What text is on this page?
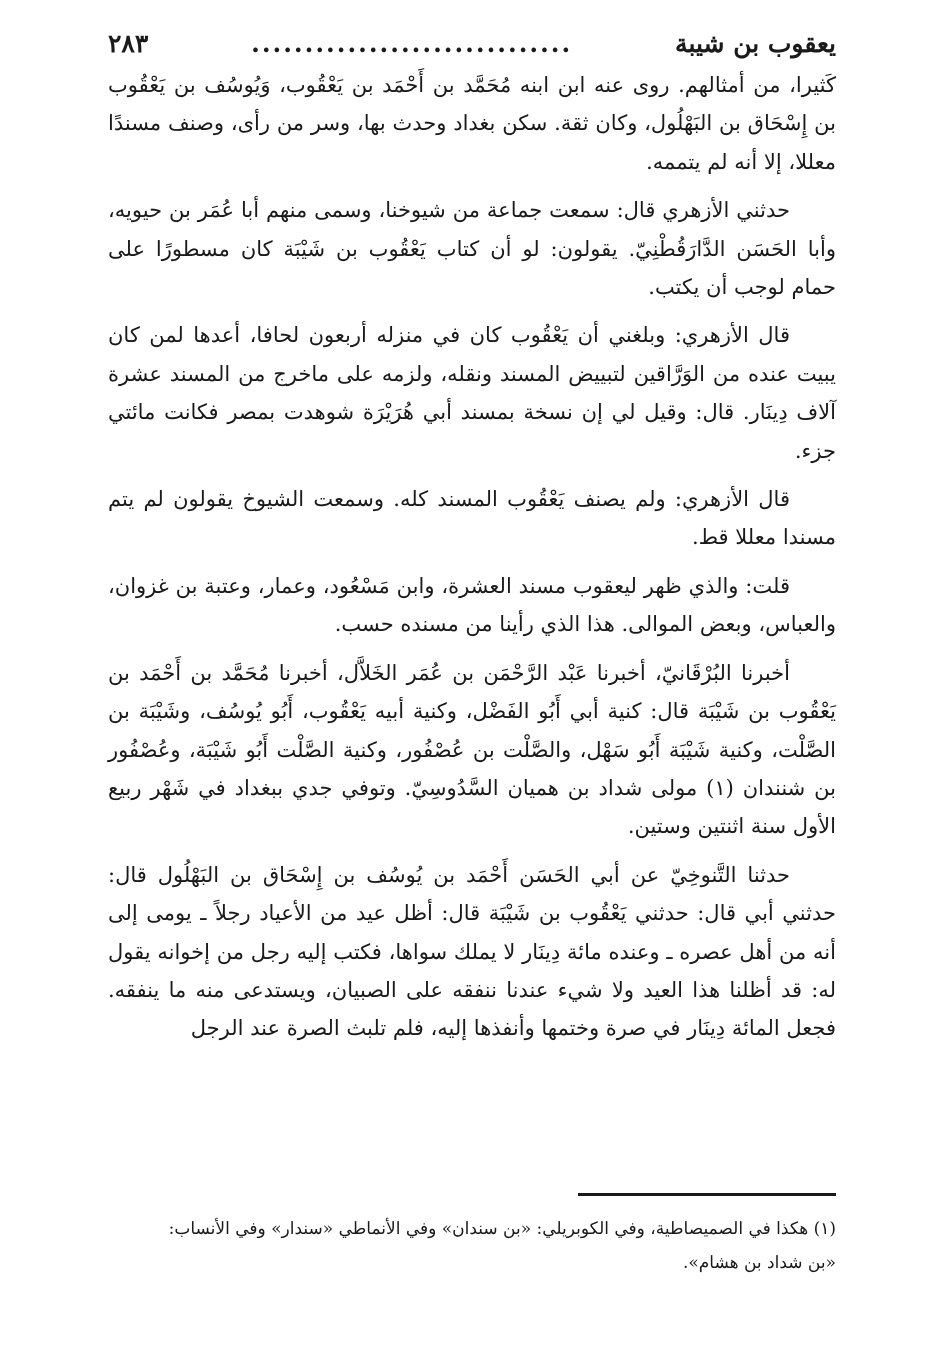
يعقوب بن شيبة
..............................
٢٨٣

كَثيرا، من أمثالهم. روى عنه ابن ابنه مُحَمَّد بن أَحْمَد بن يَعْقُوب، وَيُوسُف بن يَعْقُوب بن إِسْحَاق بن البَهْلُول، وكان ثقة. سكن بغداد وحدث بها، وسر من رأى، وصنف مسندًا معللا، إلا أنه لم يتممه.

حدثني الأزهري قال: سمعت جماعة من شيوخنا، وسمى منهم أبا عُمَر بن حيويه، وأبا الحَسَن الدَّارَقُطْنِيّ. يقولون: لو أن كتاب يَعْقُوب بن شَيْبَة كان مسطورًا على حمام لوجب أن يكتب.

قال الأزهري: وبلغني أن يَعْقُوب كان في منزله أربعون لحافا، أعدها لمن كان يبيت عنده من الوَرَّاقين لتبييض المسند ونقله، ولزمه على ماخرج من المسند عشرة آلاف دِينَار. قال: وقيل لي إن نسخة بمسند أبي هُرَيْرَة شوهدت بمصر فكانت مائتي جزء.

قال الأزهري: ولم يصنف يَعْقُوب المسند كله. وسمعت الشيوخ يقولون لم يتم مسندا معللا قط.

قلت: والذي ظهر ليعقوب مسند العشرة، وابن مَسْعُود، وعمار، وعتبة بن غزوان، والعباس، وبعض الموالى. هذا الذي رأينا من مسنده حسب.

أخبرنا البُرْقَانيّ، أخبرنا عَبْد الرَّحْمَن بن عُمَر الخَلاَّل، أخبرنا مُحَمَّد بن أَحْمَد بن يَعْقُوب بن شَيْبَة قال: كنية أبي أَبُو الفَضْل، وكنية أبيه يَعْقُوب، أَبُو يُوسُف، وشَيْبَة بن الصَّلْت، وكنية شَيْبَة أَبُو سَهْل، والصَّلْت بن عُصْفُور، وكنية الصَّلْت أَبُو شَيْبَة، وعُصْفُور بن شنندان (١) مولى شداد بن هميان السَّدُوسِيّ. وتوفي جدي ببغداد في شَهْر ربيع الأول سنة اثنتين وستين.

حدثنا التَّنوخِيّ عن أبي الحَسَن أَحْمَد بن يُوسُف بن إِسْحَاق بن البَهْلُول قال: حدثني أبي قال: حدثني يَعْقُوب بن شَيْبَة قال: أظل عيد من الأعياد رجلاً ـ يومى إلى أنه من أهل عصره ـ وعنده مائة دِينَار لا يملك سواها، فكتب إليه رجل من إخوانه يقول له: قد أظلنا هذا العيد ولا شيء عندنا ننفقه على الصبيان، ويستدعى منه ما ينفقه. فجعل المائة دِينَار في صرة وختمها وأنفذها إليه، فلم تلبث الصرة عند الرجل

(١) هكذا في الصميصاطية، وفي الكوبريلي: «بن سندان» وفي الأنماطي «سندار» وفي الأنساب:

«بن شداد بن هشام».
